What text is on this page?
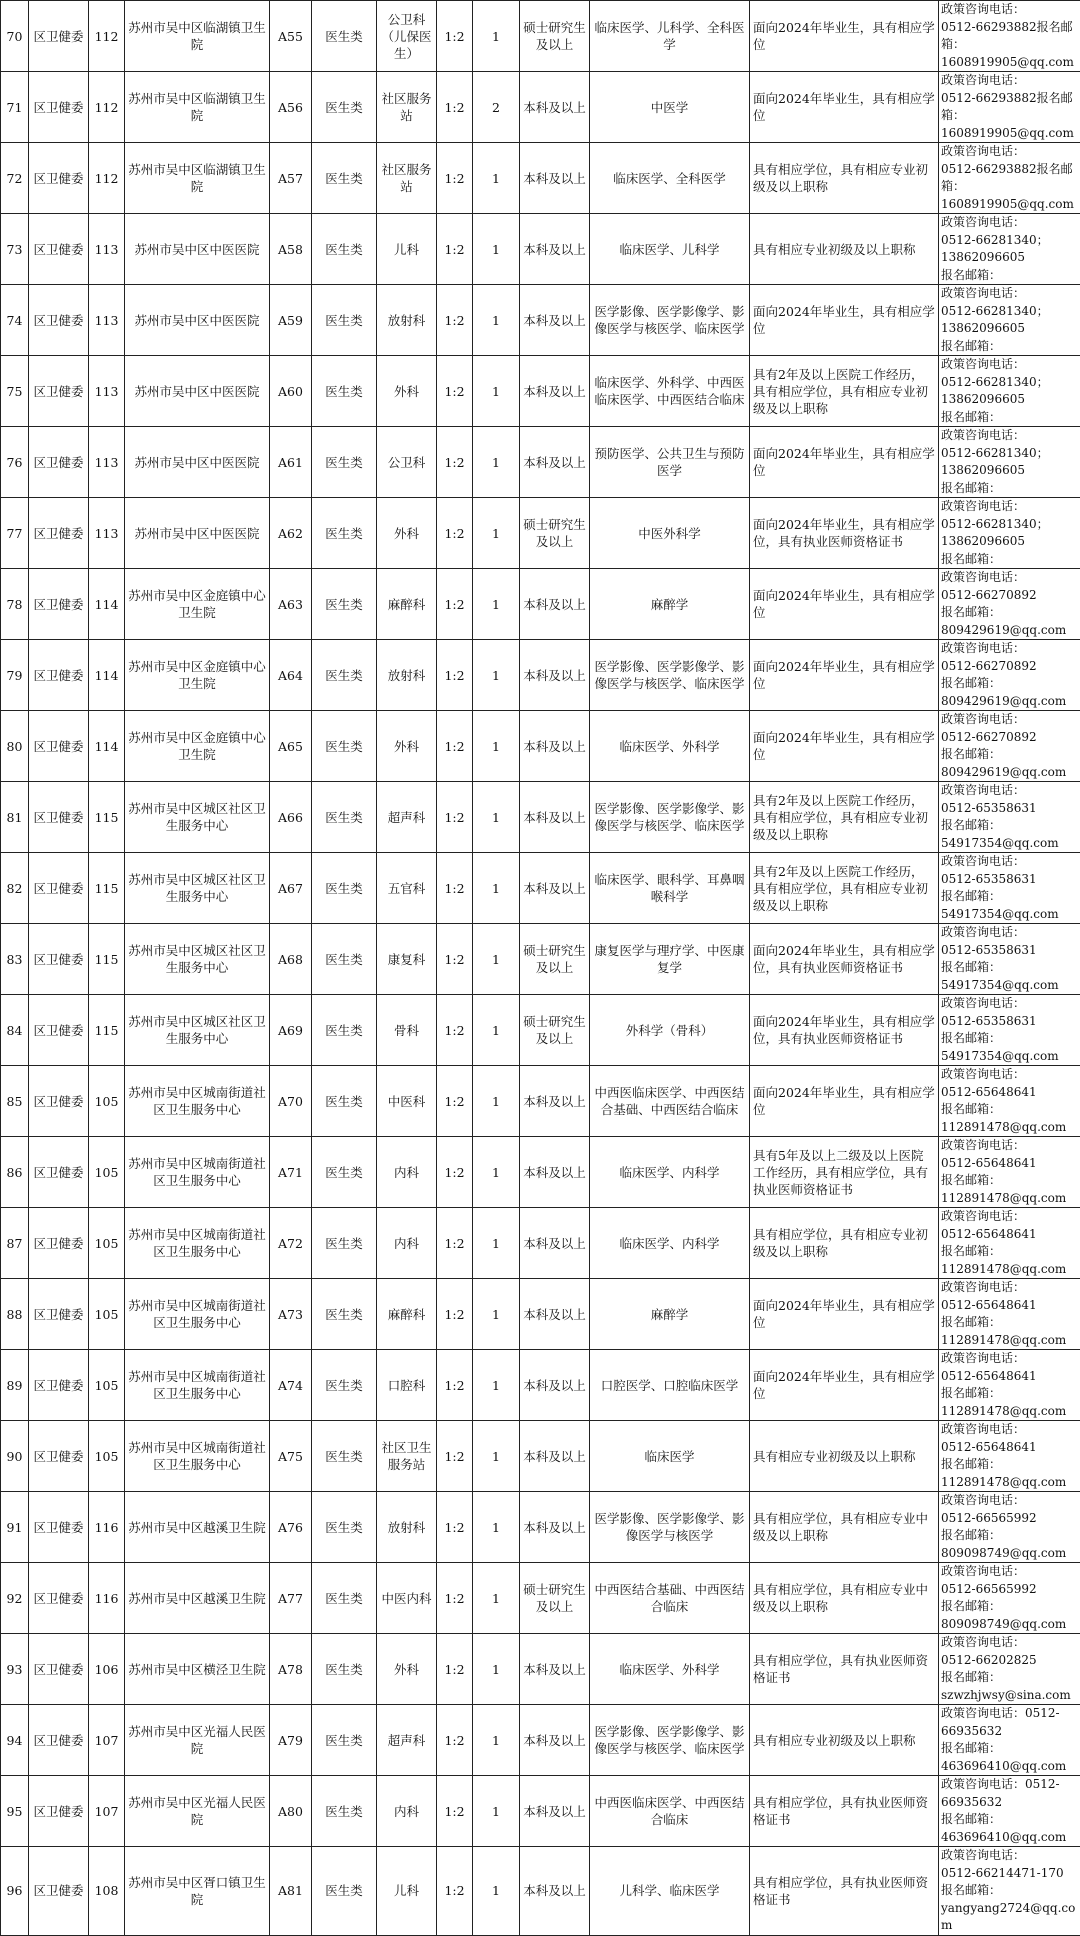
70	区卫健委	112	苏州市吴中区临湖镇卫生院	A55	医生类	公卫科（儿保医生）	1:2	1	硕士研究生及以上	临床医学、儿科学、全科医学	面向2024年毕业生，具有相应学位	政策咨询电话：
0512-66293882报名邮箱：
1608919905@qq.com

71	区卫健委	112	苏州市吴中区临湖镇卫生院	A56	医生类	社区服务站	1:2	2	本科及以上	中医学	面向2024年毕业生，具有相应学位	政策咨询电话：
0512-66293882报名邮箱：
1608919905@qq.com

72	区卫健委	112	苏州市吴中区临湖镇卫生院	A57	医生类	社区服务站	1:2	1	本科及以上	临床医学、全科医学	具有相应学位，具有相应专业初级及以上职称	政策咨询电话：
0512-66293882报名邮箱：
1608919905@qq.com

73	区卫健委	113	苏州市吴中区中医医院	A58	医生类	儿科	1:2	1	本科及以上	临床医学、儿科学	具有相应专业初级及以上职称	政策咨询电话：
0512-66281340；
13862096605
报名邮箱：

74	区卫健委	113	苏州市吴中区中医医院	A59	医生类	放射科	1:2	1	本科及以上	医学影像、医学影像学、影像医学与核医学、临床医学	面向2024年毕业生，具有相应学位	政策咨询电话：
0512-66281340；
13862096605
报名邮箱：

75	区卫健委	113	苏州市吴中区中医医院	A60	医生类	外科	1:2	1	本科及以上	临床医学、外科学、中西医临床医学、中西医结合临床	具有2年及以上医院工作经历，具有相应学位，具有相应专业初级及以上职称	政策咨询电话：
0512-66281340；
13862096605
报名邮箱：

76	区卫健委	113	苏州市吴中区中医医院	A61	医生类	公卫科	1:2	1	本科及以上	预防医学、公共卫生与预防医学	面向2024年毕业生，具有相应学位	政策咨询电话：
0512-66281340；
13862096605
报名邮箱：

77	区卫健委	113	苏州市吴中区中医医院	A62	医生类	外科	1:2	1	硕士研究生及以上	中医外科学	面向2024年毕业生，具有相应学位，具有执业医师资格证书	政策咨询电话：
0512-66281340；
13862096605
报名邮箱：

78	区卫健委	114	苏州市吴中区金庭镇中心卫生院	A63	医生类	麻醉科	1:2	1	本科及以上	麻醉学	面向2024年毕业生，具有相应学位	政策咨询电话：
0512-66270892
报名邮箱：
809429619@qq.com

79	区卫健委	114	苏州市吴中区金庭镇中心卫生院	A64	医生类	放射科	1:2	1	本科及以上	医学影像、医学影像学、影像医学与核医学、临床医学	面向2024年毕业生，具有相应学位	政策咨询电话：
0512-66270892
报名邮箱：
809429619@qq.com

80	区卫健委	114	苏州市吴中区金庭镇中心卫生院	A65	医生类	外科	1:2	1	本科及以上	临床医学、外科学	面向2024年毕业生，具有相应学位	政策咨询电话：
0512-66270892
报名邮箱：
809429619@qq.com

81	区卫健委	115	苏州市吴中区城区社区卫生服务中心	A66	医生类	超声科	1:2	1	本科及以上	医学影像、医学影像学、影像医学与核医学、临床医学	具有2年及以上医院工作经历，具有相应学位，具有相应专业初级及以上职称	政策咨询电话：
0512-65358631
报名邮箱：
54917354@qq.com

82	区卫健委	115	苏州市吴中区城区社区卫生服务中心	A67	医生类	五官科	1:2	1	本科及以上	临床医学、眼科学、耳鼻咽喉科学	具有2年及以上医院工作经历，具有相应学位，具有相应专业初级及以上职称	政策咨询电话：
0512-65358631
报名邮箱：
54917354@qq.com

83	区卫健委	115	苏州市吴中区城区社区卫生服务中心	A68	医生类	康复科	1:2	1	硕士研究生及以上	康复医学与理疗学、中医康复学	面向2024年毕业生，具有相应学位，具有执业医师资格证书	政策咨询电话：
0512-65358631
报名邮箱：
54917354@qq.com

84	区卫健委	115	苏州市吴中区城区社区卫生服务中心	A69	医生类	骨科	1:2	1	硕士研究生及以上	外科学（骨科）	面向2024年毕业生，具有相应学位，具有执业医师资格证书	政策咨询电话：
0512-65358631
报名邮箱：
54917354@qq.com

85	区卫健委	105	苏州市吴中区城南街道社区卫生服务中心	A70	医生类	中医科	1:2	1	本科及以上	中西医临床医学、中西医结合基础、中西医结合临床	面向2024年毕业生，具有相应学位	政策咨询电话：
0512-65648641
报名邮箱：
112891478@qq.com

86	区卫健委	105	苏州市吴中区城南街道社区卫生服务中心	A71	医生类	内科	1:2	1	本科及以上	临床医学、内科学	具有5年及以上二级及以上医院工作经历，具有相应学位，具有执业医师资格证书	政策咨询电话：
0512-65648641
报名邮箱：
112891478@qq.com

87	区卫健委	105	苏州市吴中区城南街道社区卫生服务中心	A72	医生类	内科	1:2	1	本科及以上	临床医学、内科学	具有相应学位，具有相应专业初级及以上职称	政策咨询电话：
0512-65648641
报名邮箱：
112891478@qq.com

88	区卫健委	105	苏州市吴中区城南街道社区卫生服务中心	A73	医生类	麻醉科	1:2	1	本科及以上	麻醉学	面向2024年毕业生，具有相应学位	政策咨询电话：
0512-65648641
报名邮箱：
112891478@qq.com

89	区卫健委	105	苏州市吴中区城南街道社区卫生服务中心	A74	医生类	口腔科	1:2	1	本科及以上	口腔医学、口腔临床医学	面向2024年毕业生，具有相应学位	政策咨询电话：
0512-65648641
报名邮箱：
112891478@qq.com

90	区卫健委	105	苏州市吴中区城南街道社区卫生服务中心	A75	医生类	社区卫生服务站	1:2	1	本科及以上	临床医学	具有相应专业初级及以上职称	政策咨询电话：
0512-65648641
报名邮箱：
112891478@qq.com

91	区卫健委	116	苏州市吴中区越溪卫生院	A76	医生类	放射科	1:2	1	本科及以上	医学影像、医学影像学、影像医学与核医学	具有相应学位，具有相应专业中级及以上职称	政策咨询电话：
0512-66565992
报名邮箱：
809098749@qq.com

92	区卫健委	116	苏州市吴中区越溪卫生院	A77	医生类	中医内科	1:2	1	硕士研究生及以上	中西医结合基础、中西医结合临床	具有相应学位，具有相应专业中级及以上职称	政策咨询电话：
0512-66565992
报名邮箱：
809098749@qq.com

93	区卫健委	106	苏州市吴中区横泾卫生院	A78	医生类	外科	1:2	1	本科及以上	临床医学、外科学	具有相应学位，具有执业医师资格证书	政策咨询电话：
0512-66202825
报名邮箱：
szwzhjwsy@sina.com

94	区卫健委	107	苏州市吴中区光福人民医院	A79	医生类	超声科	1:2	1	本科及以上	医学影像、医学影像学、影像医学与核医学、临床医学	具有相应专业初级及以上职称	政策咨询电话：0512-
66935632
报名邮箱：
463696410@qq.com

95	区卫健委	107	苏州市吴中区光福人民医院	A80	医生类	内科	1:2	1	本科及以上	中西医临床医学、中西医结合临床	具有相应学位，具有执业医师资格证书	政策咨询电话：0512-
66935632
报名邮箱：
463696410@qq.com

96	区卫健委	108	苏州市吴中区胥口镇卫生院	A81	医生类	儿科	1:2	1	本科及以上	儿科学、临床医学	具有相应学位，具有执业医师资格证书	政策咨询电话：
0512-66214471-170
报名邮箱：
yangyang2724@qq.com
